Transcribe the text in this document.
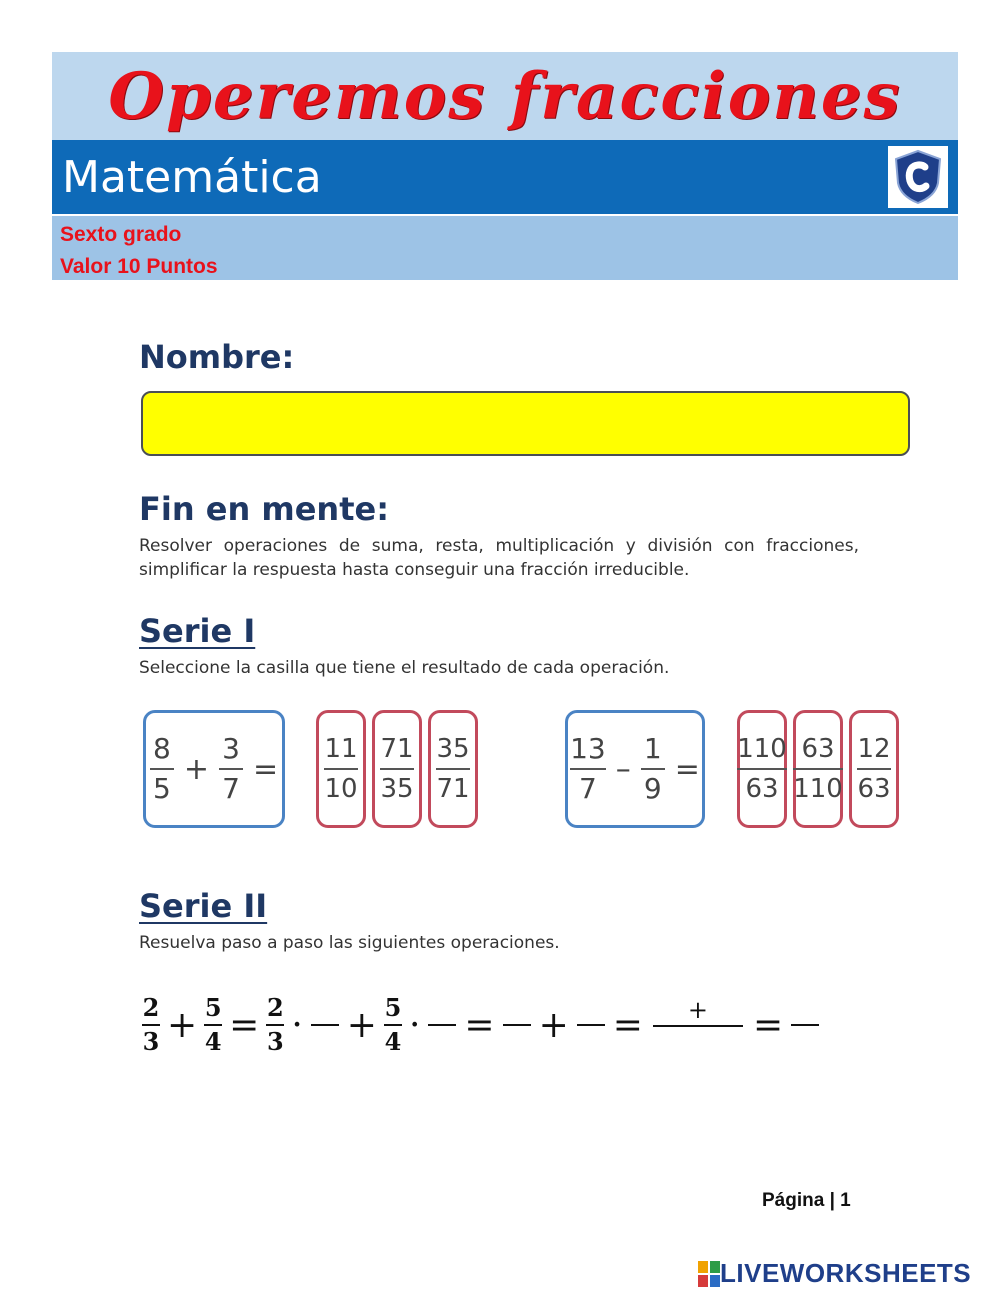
Operemos fracciones
Matemática
Sexto grado
Valor 10 Puntos
Nombre:
Fin en mente:
Resolver operaciones de suma, resta, multiplicación y división con fracciones, simplificar la respuesta hasta conseguir una fracción irreducible.
Serie I
Seleccione la casilla que tiene el resultado de cada operación.
$\frac{8}{5} + \frac{3}{7} = \frac{11}{10} \frac{71}{35} \frac{35}{71}$	$\frac{13}{7} - \frac{1}{9} = \frac{110}{63} \frac{63}{110} \frac{12}{63}$
Serie II
Resuelva paso a paso las siguientes operaciones.
$\frac{2}{3} + \frac{5}{4} = \frac{2}{3}$ · + $\frac{5}{4}$ · = + = + =
Página | 1
LIVEWORKSHEETS
